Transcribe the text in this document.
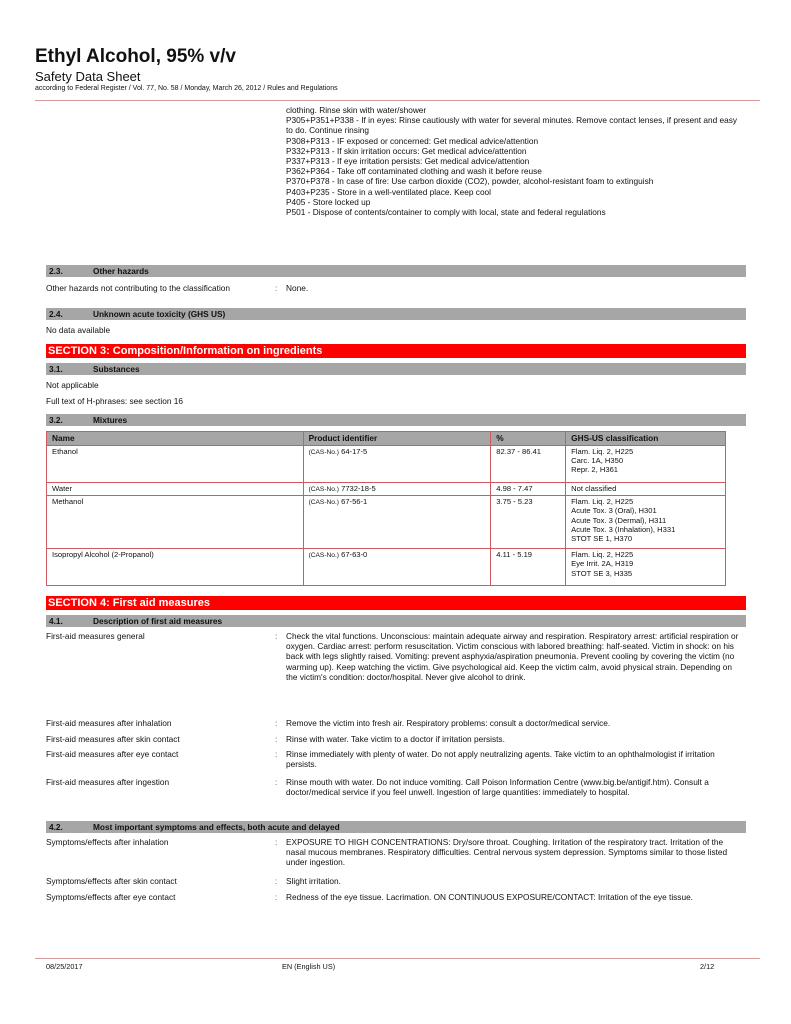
Ethyl Alcohol, 95% v/v
Safety Data Sheet
according to Federal Register / Vol. 77, No. 58 / Monday, March 26, 2012 / Rules and Regulations
clothing. Rinse skin with water/shower
P305+P351+P338 - If in eyes: Rinse cautiously with water for several minutes. Remove contact lenses, if present and easy to do. Continue rinsing
P308+P313 - IF exposed or concerned: Get medical advice/attention
P332+P313 - If skin irritation occurs: Get medical advice/attention
P337+P313 - If eye irritation persists: Get medical advice/attention
P362+P364 - Take off contaminated clothing and wash it before reuse
P370+P378 - In case of fire: Use carbon dioxide (CO2), powder, alcohol-resistant foam to extinguish
P403+P235 - Store in a well-ventilated place. Keep cool
P405 - Store locked up
P501 - Dispose of contents/container to comply with local, state and federal regulations
2.3.	Other hazards
Other hazards not contributing to the classification	: None.
2.4.	Unknown acute toxicity (GHS US)
No data available
SECTION 3: Composition/Information on ingredients
3.1.	Substances
Not applicable
Full text of H-phrases: see section 16
3.2.	Mixtures
Name	Product identifier	%	GHS-US classification
Ethanol	(CAS-No.) 64-17-5	82.37 - 86.41	Flam. Liq. 2, H225
Carc. 1A, H350
Repr. 2, H361

Water	(CAS-No.) 7732-18-5	4.98 - 7.47	Not classified

Methanol	(CAS-No.) 67-56-1	3.75 - 5.23	Flam. Liq. 2, H225
Acute Tox. 3 (Oral), H301
Acute Tox. 3 (Dermal), H311
Acute Tox. 3 (Inhalation), H331
STOT SE 1, H370

Isopropyl Alcohol (2-Propanol)	(CAS-No.) 67-63-0	4.11 - 5.19	Flam. Liq. 2, H225
Eye Irrit. 2A, H319
STOT SE 3, H335
SECTION 4: First aid measures
4.1.	Description of first aid measures
First-aid measures general	: Check the vital functions. Unconscious: maintain adequate airway and respiration. Respiratory arrest: artificial respiration or oxygen. Cardiac arrest: perform resuscitation. Victim conscious with labored breathing: half-seated. Victim in shock: on his back with legs slightly raised. Vomiting: prevent asphyxia/aspiration pneumonia. Prevent cooling by covering the victim (no warming up). Keep watching the victim. Give psychological aid. Keep the victim calm, avoid physical strain. Depending on the victim's condition: doctor/hospital. Never give alcohol to drink.
First-aid measures after inhalation	: Remove the victim into fresh air. Respiratory problems: consult a doctor/medical service.
First-aid measures after skin contact	: Rinse with water. Take victim to a doctor if irritation persists.
First-aid measures after eye contact	: Rinse immediately with plenty of water. Do not apply neutralizing agents. Take victim to an ophthalmologist if irritation persists.
First-aid measures after ingestion	: Rinse mouth with water. Do not induce vomiting. Call Poison Information Centre (www.big.be/antigif.htm). Consult a doctor/medical service if you feel unwell. Ingestion of large quantities: immediately to hospital.
4.2.	Most important symptoms and effects, both acute and delayed
Symptoms/effects after inhalation	: EXPOSURE TO HIGH CONCENTRATIONS: Dry/sore throat. Coughing. Irritation of the respiratory tract. Irritation of the nasal mucous membranes. Respiratory difficulties. Central nervous system depression. Symptoms similar to those listed under ingestion.
Symptoms/effects after skin contact	: Slight irritation.
Symptoms/effects after eye contact	: Redness of the eye tissue. Lacrimation. ON CONTINUOUS EXPOSURE/CONTACT: Irritation of the eye tissue.
08/25/2017	EN (English US)	2/12
